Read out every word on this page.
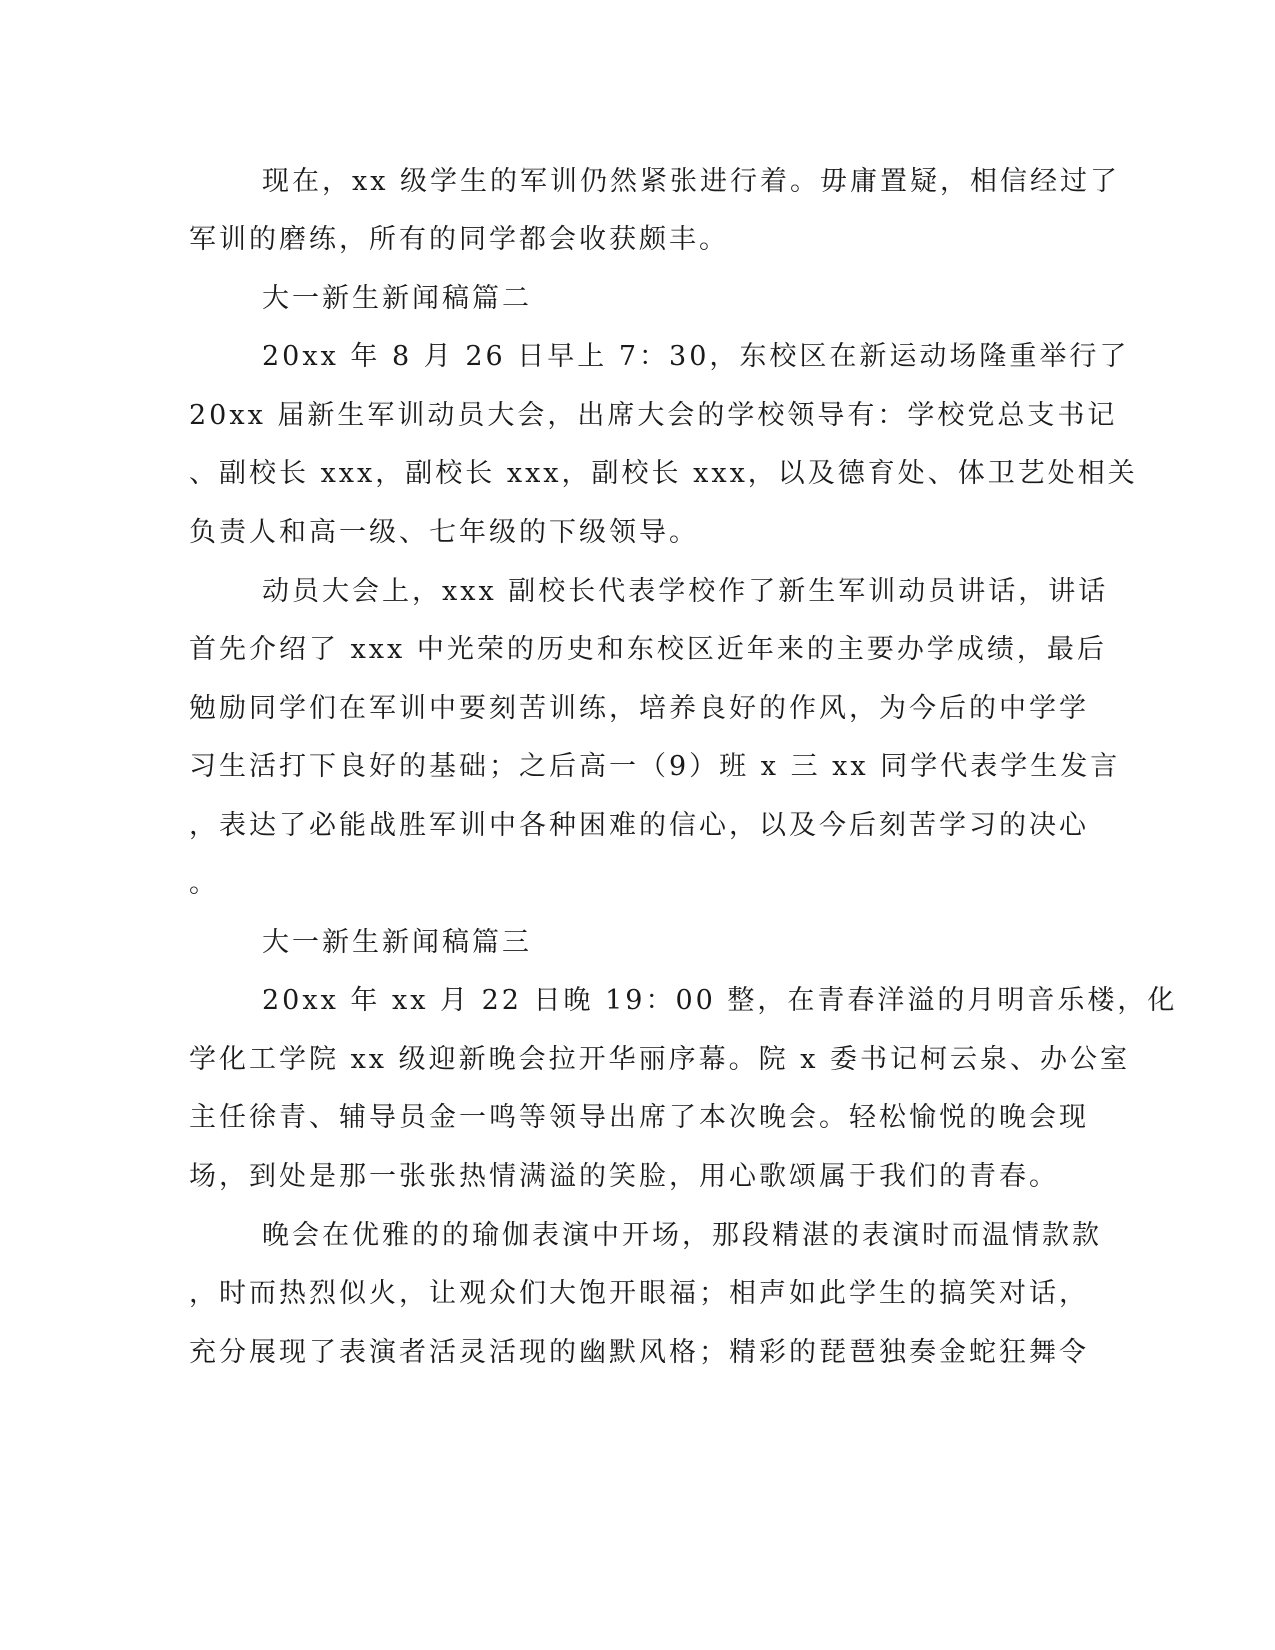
现在，xx 级学生的军训仍然紧张进行着。毋庸置疑，相信经过了
军训的磨练，所有的同学都会收获颇丰。
大一新生新闻稿篇二
20xx 年 8 月 26 日早上 7：30，东校区在新运动场隆重举行了
20xx 届新生军训动员大会，出席大会的学校领导有：学校党总支书记
、副校长 xxx，副校长 xxx，副校长 xxx，以及德育处、体卫艺处相关
负责人和高一级、七年级的下级领导。
动员大会上，xxx 副校长代表学校作了新生军训动员讲话，讲话
首先介绍了 xxx 中光荣的历史和东校区近年来的主要办学成绩，最后
勉励同学们在军训中要刻苦训练，培养良好的作风，为今后的中学学
习生活打下良好的基础；之后高一（9）班 x 三 xx 同学代表学生发言
，表达了必能战胜军训中各种困难的信心，以及今后刻苦学习的决心
。
大一新生新闻稿篇三
20xx 年 xx 月 22 日晚 19：00 整，在青春洋溢的月明音乐楼，化
学化工学院 xx 级迎新晚会拉开华丽序幕。院 x 委书记柯云泉、办公室
主任徐青、辅导员金一鸣等领导出席了本次晚会。轻松愉悦的晚会现
场，到处是那一张张热情满溢的笑脸，用心歌颂属于我们的青春。
晚会在优雅的的瑜伽表演中开场，那段精湛的表演时而温情款款
，时而热烈似火，让观众们大饱开眼福；相声如此学生的搞笑对话，
充分展现了表演者活灵活现的幽默风格；精彩的琵琶独奏金蛇狂舞令
